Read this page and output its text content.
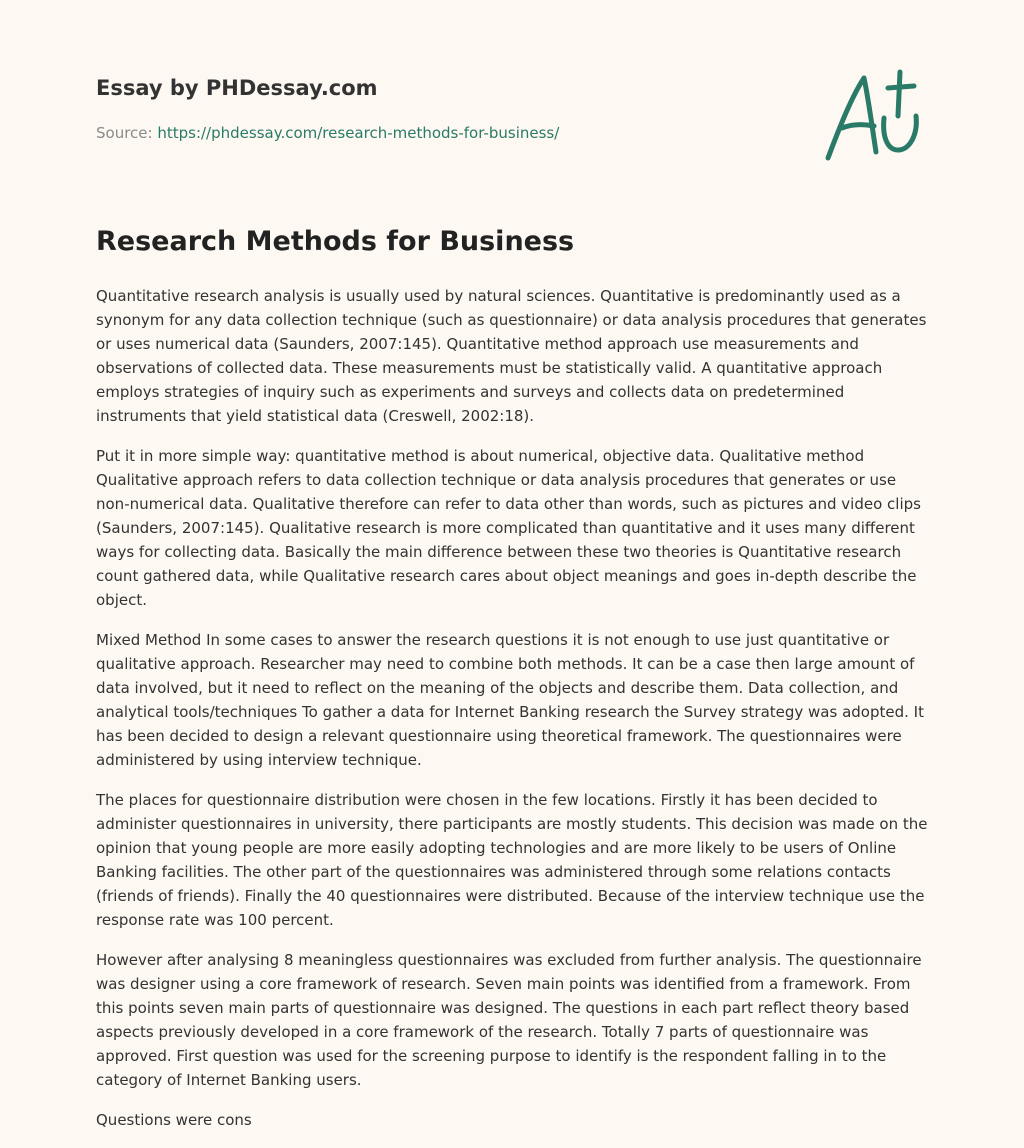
Essay by PHDessay.com
Source: https://phdessay.com/research-methods-for-business/
Research Methods for Business

Quantitative research analysis is usually used by natural sciences. Quantitative is predominantly used as a synonym for any data collection technique (such as questionnaire) or data analysis procedures that generates or uses numerical data (Saunders, 2007:145). Quantitative method approach use measurements and observations of collected data. These measurements must be statistically valid. A quantitative approach employs strategies of inquiry such as experiments and surveys and collects data on predetermined instruments that yield statistical data (Creswell, 2002:18).

Put it in more simple way: quantitative method is about numerical, objective data. Qualitative method Qualitative approach refers to data collection technique or data analysis procedures that generates or use non-numerical data. Qualitative therefore can refer to data other than words, such as pictures and video clips (Saunders, 2007:145). Qualitative research is more complicated than quantitative and it uses many different ways for collecting data. Basically the main difference between these two theories is Quantitative research count gathered data, while Qualitative research cares about object meanings and goes in-depth describe the object.

Mixed Method In some cases to answer the research questions it is not enough to use just quantitative or qualitative approach. Researcher may need to combine both methods. It can be a case then large amount of data involved, but it need to reflect on the meaning of the objects and describe them. Data collection, and analytical tools/techniques To gather a data for Internet Banking research the Survey strategy was adopted. It has been decided to design a relevant questionnaire using theoretical framework. The questionnaires were administered by using interview technique.

The places for questionnaire distribution were chosen in the few locations. Firstly it has been decided to administer questionnaires in university, there participants are mostly students. This decision was made on the opinion that young people are more easily adopting technologies and are more likely to be users of Online Banking facilities. The other part of the questionnaires was administered through some relations contacts (friends of friends). Finally the 40 questionnaires were distributed. Because of the interview technique use the response rate was 100 percent.

However after analysing 8 meaningless questionnaires was excluded from further analysis. The questionnaire was designer using a core framework of research. Seven main points was identified from a framework. From this points seven main parts of questionnaire was designed. The questions in each part reflect theory based aspects previously developed in a core framework of the research. Totally 7 parts of questionnaire was approved. First question was used for the screening purpose to identify is the respondent falling in to the category of Internet Banking users.

Questions were cons
